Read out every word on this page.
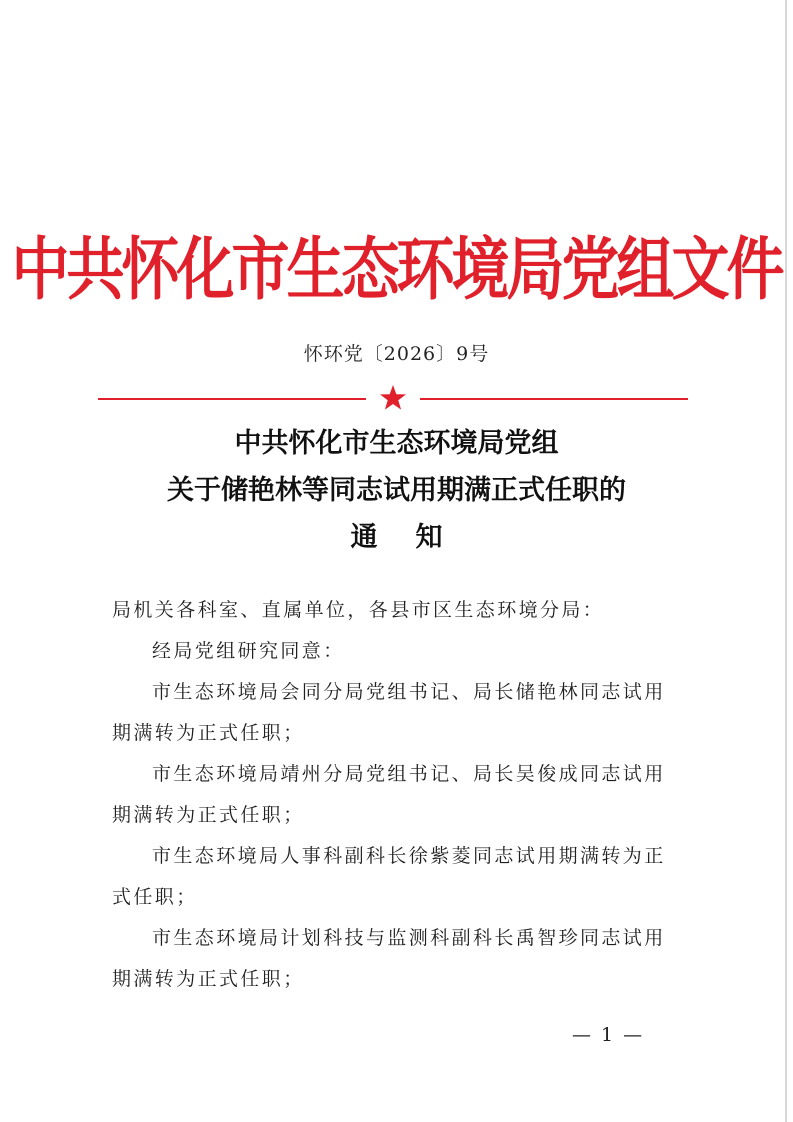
中共怀化市生态环境局党组文件
怀环党〔2026〕9号
中共怀化市生态环境局党组
关于储艳林等同志试用期满正式任职的
通知

局机关各科室、直属单位，各县市区生态环境分局：

经局党组研究同意：

市生态环境局会同分局党组书记、局长储艳林同志试用期满转为正式任职；

市生态环境局靖州分局党组书记、局长吴俊成同志试用期满转为正式任职；

市生态环境局人事科副科长徐紫菱同志试用期满转为正式任职；

市生态环境局计划科技与监测科副科长禹智珍同志试用期满转为正式任职；

— 1 —
